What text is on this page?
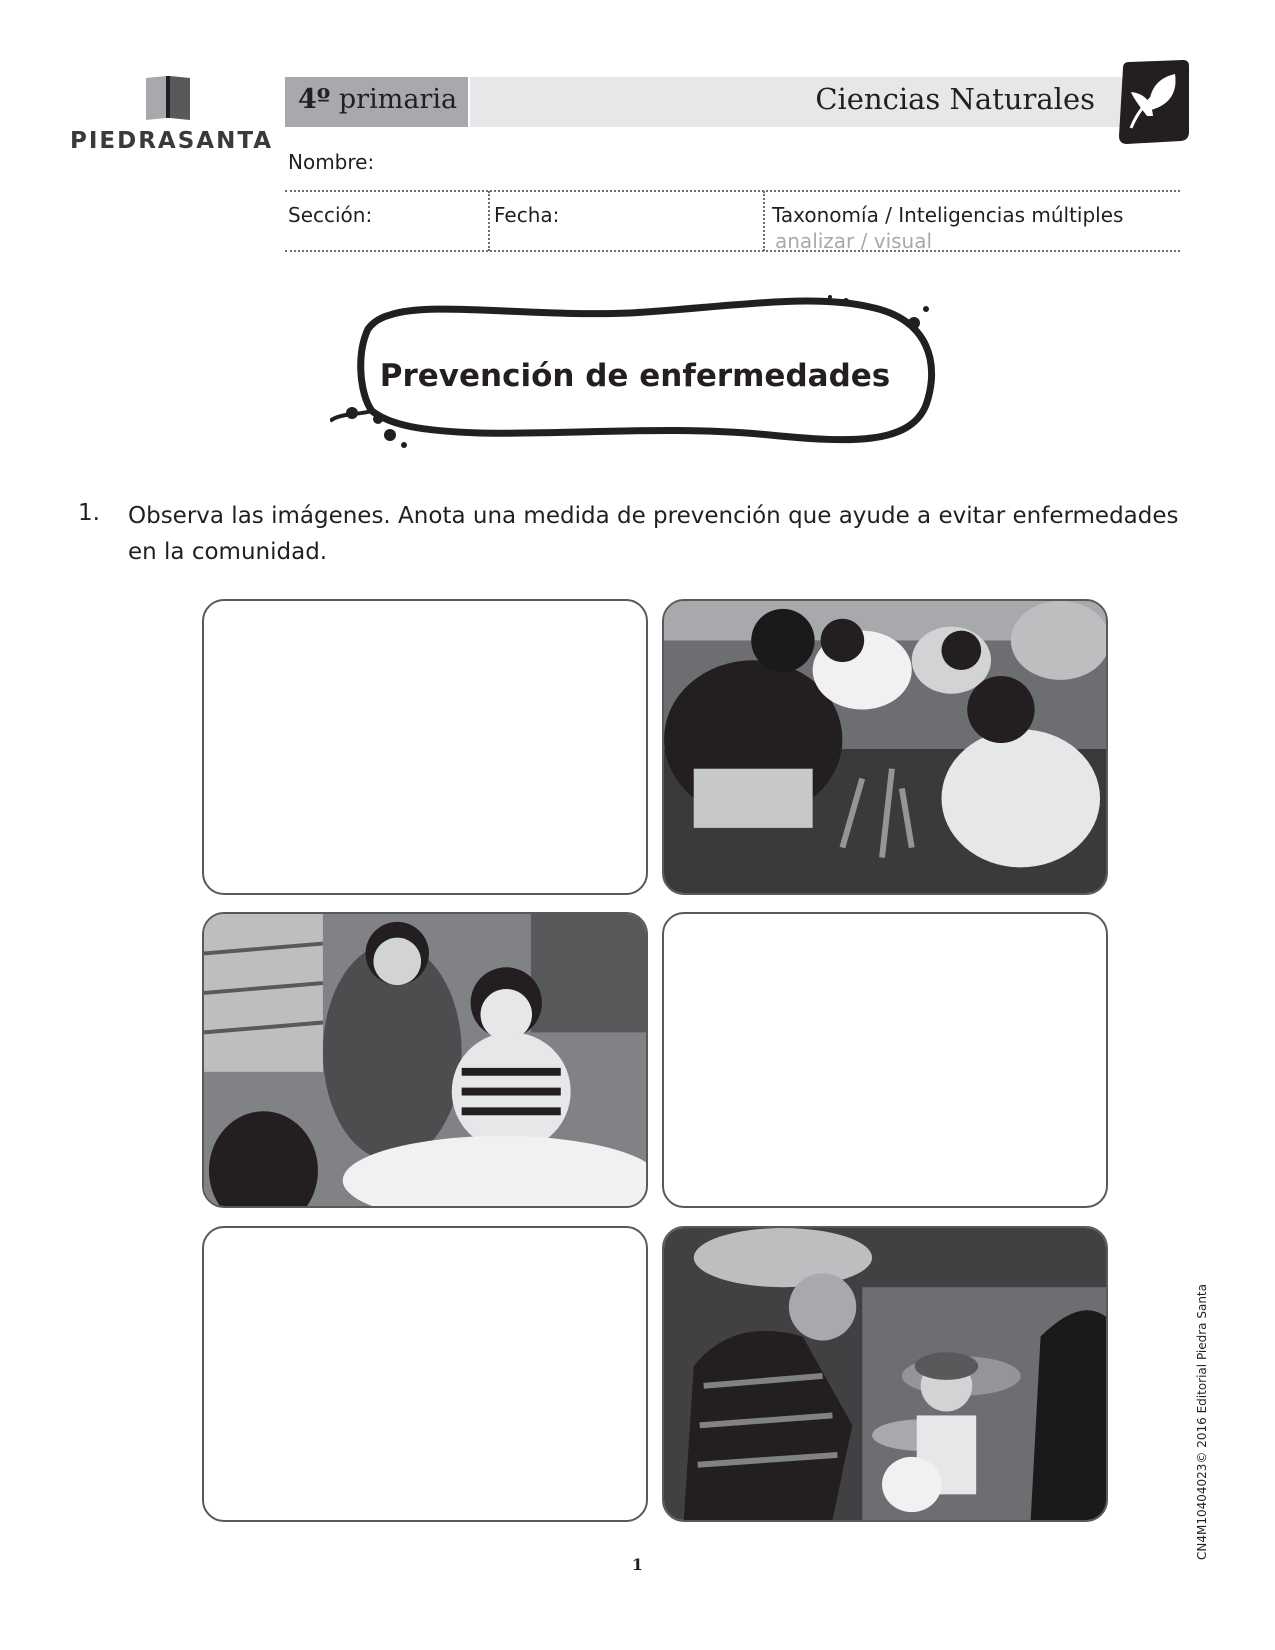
PIEDRASANTA
4º primaria	Ciencias Naturales
Nombre:
Sección:	Fecha:	Taxonomía / Inteligencias múltiples
analizar / visual
Prevención de enfermedades
1. Observa las imágenes. Anota una medida de prevención que ayude a evitar enfermedades en la comunidad.
1
CN4M10404023© 2016 Editorial Piedra Santa
